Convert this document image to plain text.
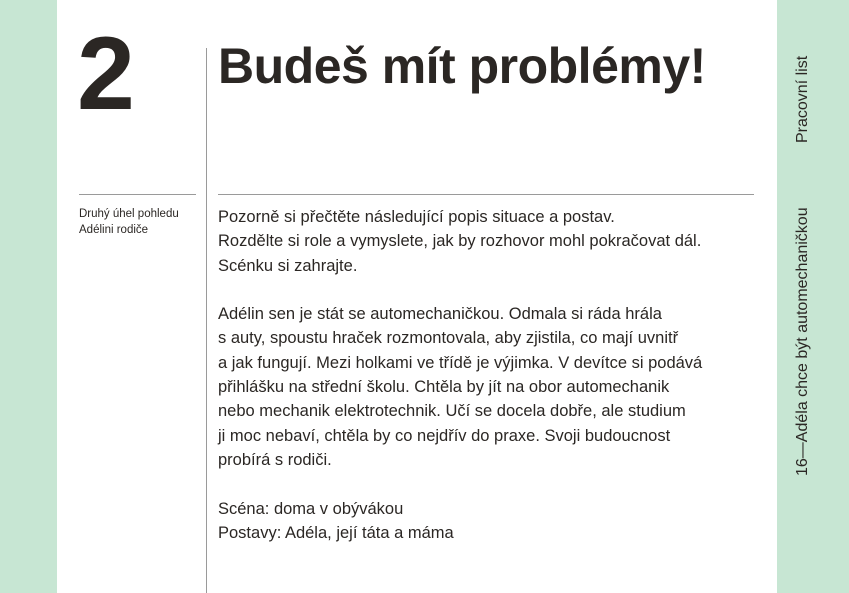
2 Budeš mít problémy!
Druhý úhel pohledu
Adélini rodiče
Pozorně si přečtěte následující popis situace a postav.
Rozdělte si role a vymyslete, jak by rozhovor mohl pokračovat dál.
Scénku si zahrajte.
Adélin sen je stát se automechaničkou. Odmala si ráda hrála
s auty, spoustu hraček rozmontovala, aby zjistila, co mají uvnitř
a jak fungují. Mezi holkami ve třídě je výjimka. V devítce si podává
přihlášku na střední školu. Chtěla by jít na obor automechanik
nebo mechanik elektrotechnik. Učí se docela dobře, ale studium
ji moc nebaví, chtěla by co nejdřív do praxe. Svoji budoucnost
probírá s rodiči.
Scéna: doma v obývákou
Postavy: Adéla, její táta a máma
Pracovní list
16—Adéla chce být automechaničkou
